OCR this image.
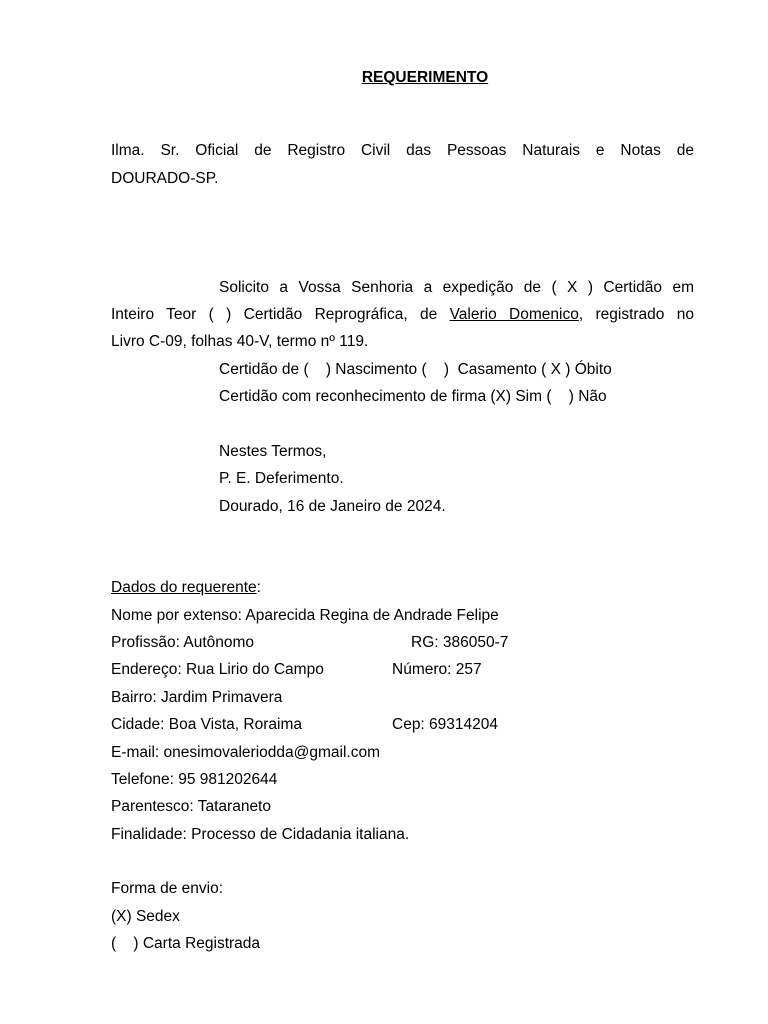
REQUERIMENTO
Ilma. Sr. Oficial de Registro Civil das Pessoas Naturais e Notas de
DOURADO-SP.
Solicito a Vossa Senhoria a expedição de ( X ) Certidão em
Inteiro Teor ( ) Certidão Reprográfica, de Valerio Domenico, registrado no
Livro C-09, folhas 40-V, termo nº 119.
Certidão de (    ) Nascimento (    )  Casamento ( X ) Óbito
Certidão com reconhecimento de firma (X) Sim (    ) Não
Nestes Termos,
P. E. Deferimento.
Dourado, 16 de Janeiro de 2024.
Dados do requerente:
Nome por extenso: Aparecida Regina de Andrade Felipe
Profissão: Autônomo	RG: 386050-7
Endereço: Rua Lirio do Campo	Número: 257
Bairro: Jardim Primavera
Cidade: Boa Vista, Roraima	Cep: 69314204
E-mail: onesimovaleriodda@gmail.com
Telefone: 95 981202644
Parentesco: Tataraneto
Finalidade: Processo de Cidadania italiana.
Forma de envio:
(X) Sedex
(    ) Carta Registrada
